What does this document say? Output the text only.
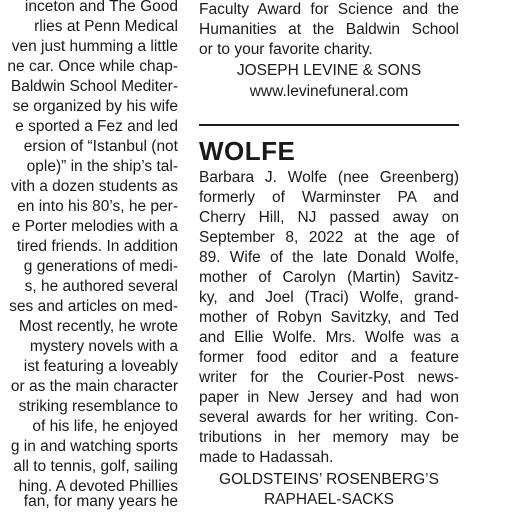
inceton and The Good
rlies at Penn Medical
ven just humming a little
ne car. Once while chap-
Baldwin School Mediter-
se organized by his wife
e sported a Fez and led
ersion of “Istanbul (not
ople)” in the ship’s tal-
vith a dozen students as
en into his 80’s, he per-
e Porter melodies with a
tired friends. In addition
g generations of medi-
s, he authored several
ses and articles on med-
Most recently, he wrote
mystery novels with a
ist featuring a loveably
or as the main character
striking resemblance to
of his life, he enjoyed
g in and watching sports
all to tennis, golf, sailing
hing. A devoted Phillies
fan, for many years he
Faculty Award for Science and the
Humanities at the Baldwin School
or to your favorite charity.
JOSEPH LEVINE & SONS
www.levinefuneral.com
WOLFE
Barbara J. Wolfe (nee Greenberg)
formerly of Warminster PA and
Cherry Hill, NJ passed away on
September 8, 2022 at the age of
89. Wife of the late Donald Wolfe,
mother of Carolyn (Martin) Savitz-
ky, and Joel (Traci) Wolfe, grand-
mother of Robyn Savitzky, and Ted
and Ellie Wolfe. Mrs. Wolfe was a
former food editor and a feature
writer for the Courier-Post news-
paper in New Jersey and had won
several awards for her writing. Con-
tributions in her memory may be
made to Hadassah.
GOLDSTEINS’ ROSENBERG’S
RAPHAEL-SACKS
